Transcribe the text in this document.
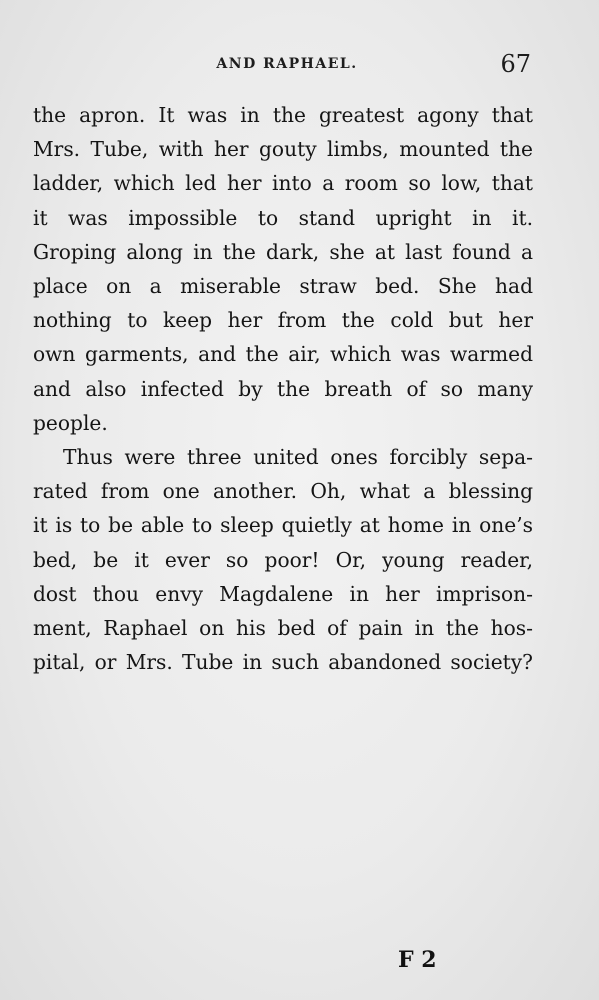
AND RAPHAEL.	67

the apron. It was in the greatest agony that

Mrs. Tube, with her gouty limbs, mounted the

ladder, which led her into a room so low, that

it was impossible to stand upright in it.

Groping along in the dark, she at last found a

place on a miserable straw bed. She had

nothing to keep her from the cold but her

own garments, and the air, which was warmed

and also infected by the breath of so many

people.

Thus were three united ones forcibly sepa-

rated from one another. Oh, what a blessing

it is to be able to sleep quietly at home in one’s

bed, be it ever so poor! Or, young reader,

dost thou envy Magdalene in her imprison-

ment, Raphael on his bed of pain in the hos-

pital, or Mrs. Tube in such abandoned society?

F 2
